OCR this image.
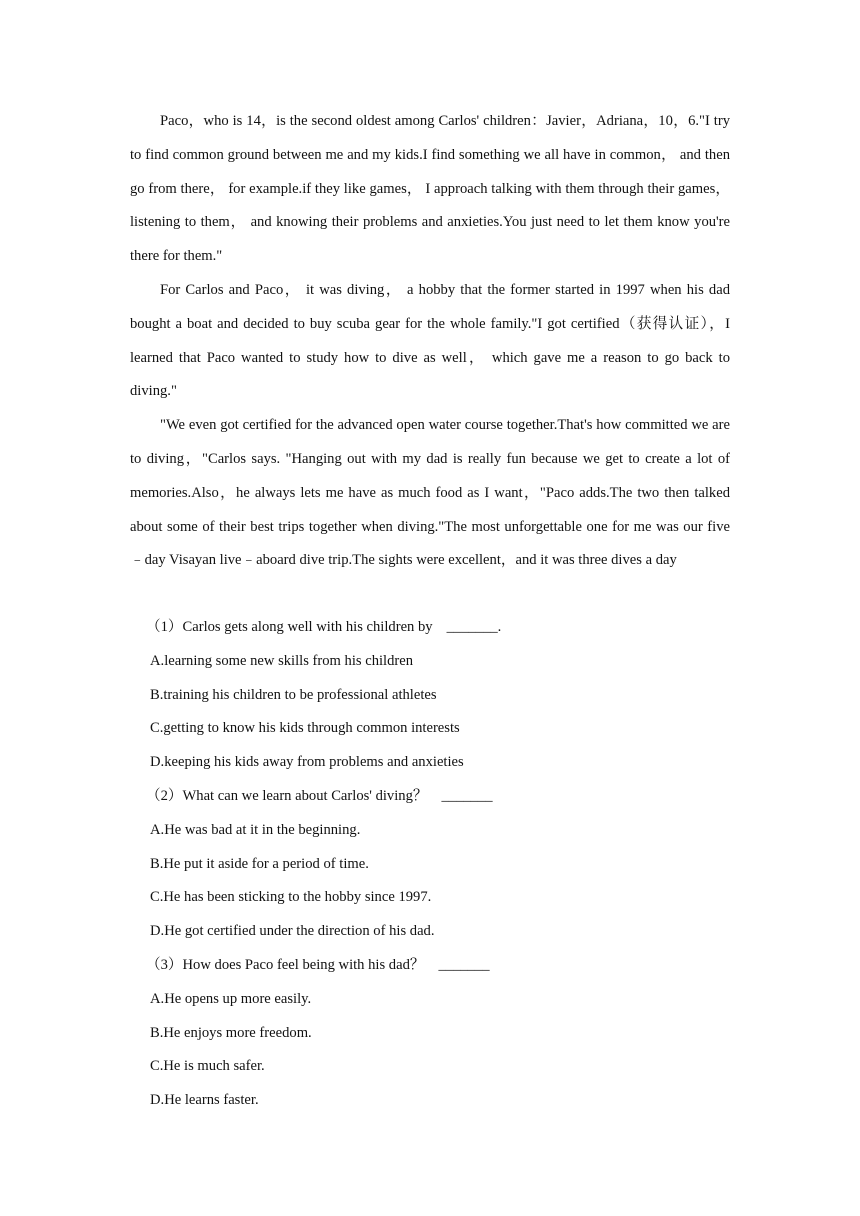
Paco，who is 14，is the second oldest among Carlos' children：Javier，Adriana，10，6."I try to find common ground between me and my kids.I find something we all have in common， and then go from there， for example.if they like games， I approach talking with them through their games， listening to them， and knowing their problems and anxieties.You just need to let them know you're there for them."

For Carlos and Paco， it was diving， a hobby that the former started in 1997 when his dad bought a boat and decided to buy scuba gear for the whole family."I got certified（获得认证），I learned that Paco wanted to study how to dive as well， which gave me a reason to go back to diving."

"We even got certified for the advanced open water course together.That's how committed we are to diving，"Carlos says. "Hanging out with my dad is really fun because we get to create a lot of memories.Also，he always lets me have as much food as I want，"Paco adds.The two then talked about some of their best trips together when diving."The most unforgettable one for me was our five﹣day Visayan live﹣aboard dive trip.The sights were excellent，and it was three dives a day

（1）Carlos gets along well with his children by _______.

A.learning some new skills from his children

B.training his children to be professional athletes

C.getting to know his kids through common interests

D.keeping his kids away from problems and anxieties

（2）What can we learn about Carlos' diving？ _______

A.He was bad at it in the beginning.

B.He put it aside for a period of time.

C.He has been sticking to the hobby since 1997.

D.He got certified under the direction of his dad.

（3）How does Paco feel being with his dad？ _______

A.He opens up more easily.

B.He enjoys more freedom.

C.He is much safer.

D.He learns faster.
